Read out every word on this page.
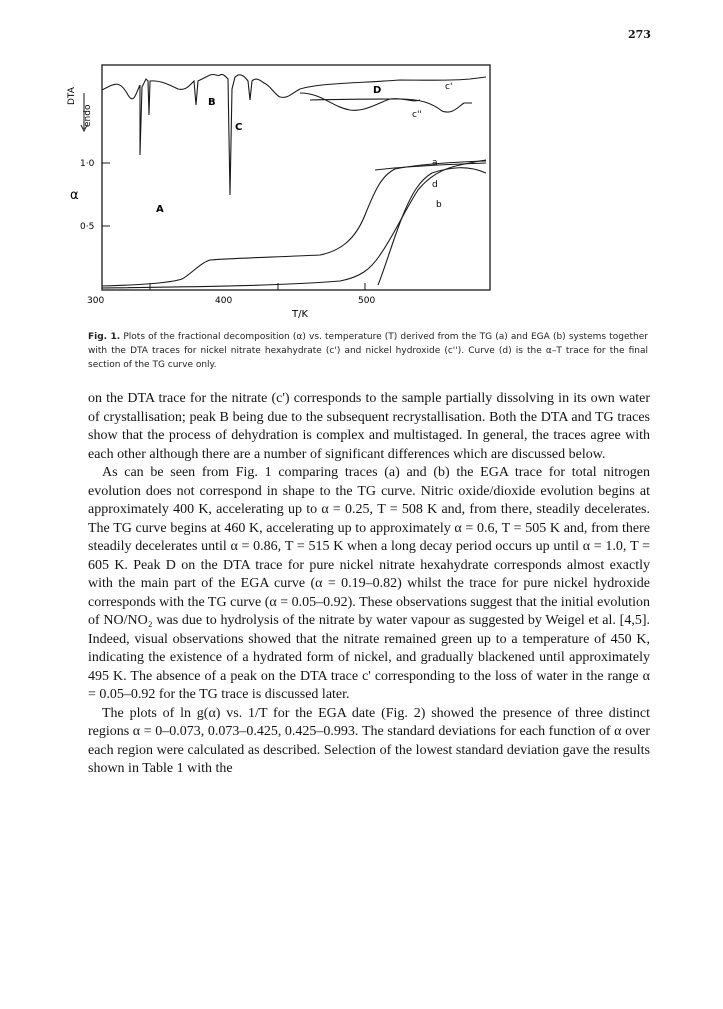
273
DTA
endo
α
1·0
0·5
300	400	500
T/K
A
B
C
D	c'
c''
a
d
b
Fig. 1. Plots of the fractional decomposition (α) vs. temperature (T) derived from the TG (a) and EGA (b) systems together with the DTA traces for nickel nitrate hexahydrate (c') and nickel hydroxide (c''). Curve (d) is the α–T trace for the final section of the TG curve only.

on the DTA trace for the nitrate (c') corresponds to the sample partially dissolving in its own water of crystallisation; peak B being due to the subsequent recrystallisation. Both the DTA and TG traces show that the process of dehydration is complex and multistaged. In general, the traces agree with each other although there are a number of significant differences which are discussed below.

As can be seen from Fig. 1 comparing traces (a) and (b) the EGA trace for total nitrogen evolution does not correspond in shape to the TG curve. Nitric oxide/dioxide evolution begins at approximately 400 K, accelerating up to α = 0.25, T = 508 K and, from there, steadily decelerates. The TG curve begins at 460 K, accelerating up to approximately α = 0.6, T = 505 K and, from there steadily decelerates until α = 0.86, T = 515 K when a long decay period occurs up until α = 1.0, T = 605 K. Peak D on the DTA trace for pure nickel nitrate hexahydrate corresponds almost exactly with the main part of the EGA curve (α = 0.19–0.82) whilst the trace for pure nickel hydroxide corresponds with the TG curve (α = 0.05–0.92). These observations suggest that the initial evolution of NO/NO₂ was due to hydrolysis of the nitrate by water vapour as suggested by Weigel et al. [4,5]. Indeed, visual observations showed that the nitrate remained green up to a temperature of 450 K, indicating the existence of a hydrated form of nickel, and gradually blackened until approximately 495 K. The absence of a peak on the DTA trace c' corresponding to the loss of water in the range α = 0.05–0.92 for the TG trace is discussed later.

The plots of ln g(α) vs. 1/T for the EGA date (Fig. 2) showed the presence of three distinct regions α = 0–0.073, 0.073–0.425, 0.425–0.993. The standard deviations for each function of α over each region were calculated as described. Selection of the lowest standard deviation gave the results shown in Table 1 with the
